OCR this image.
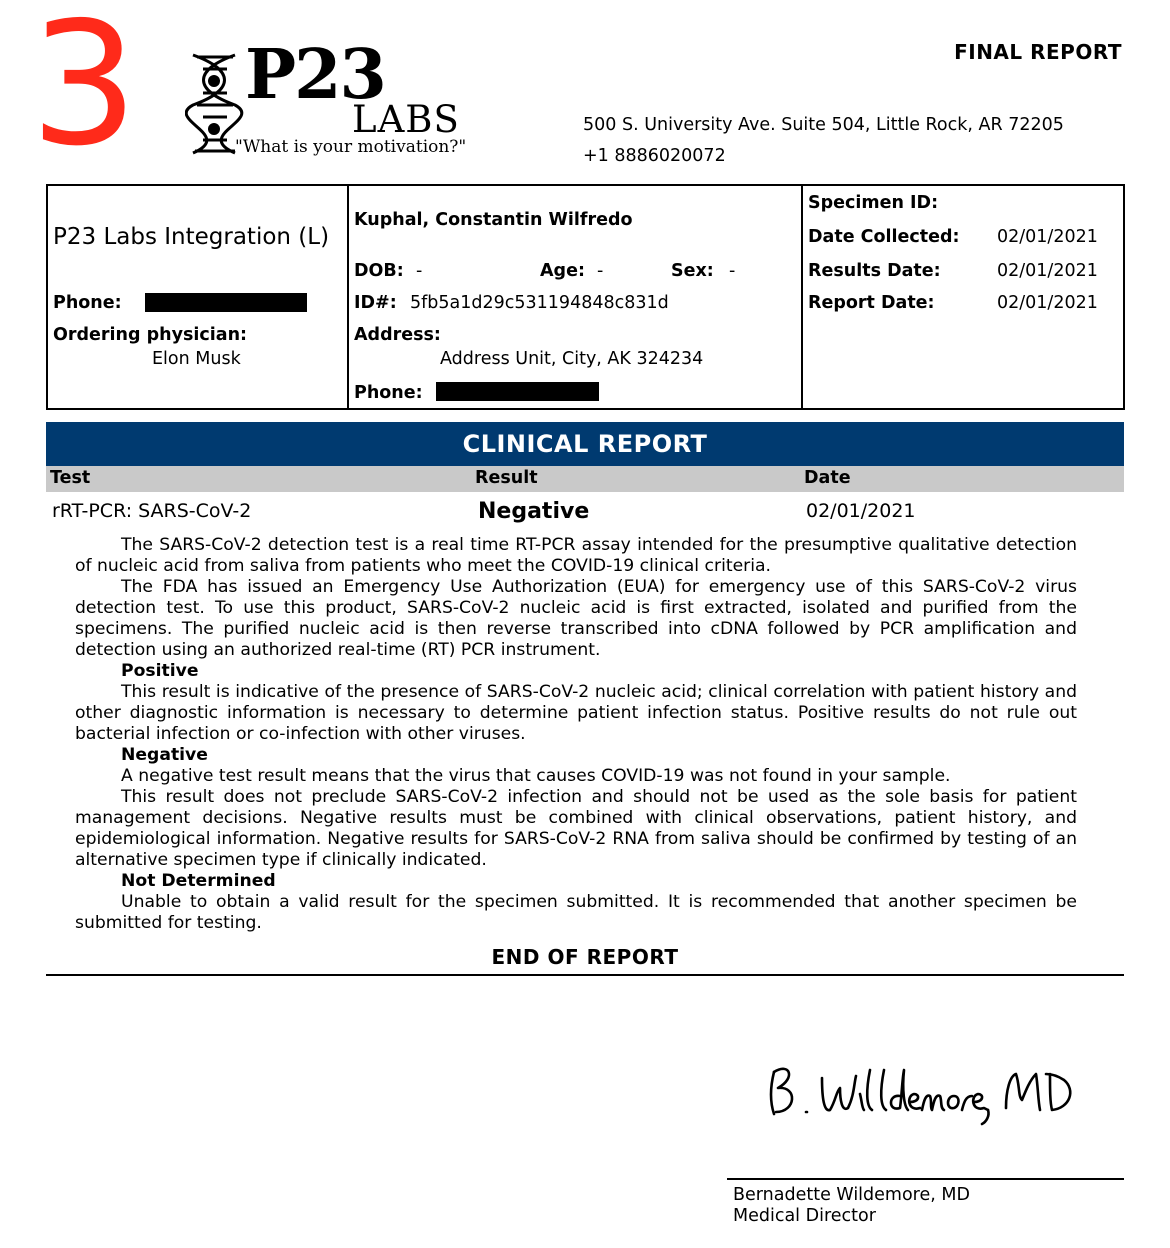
3 P23
LABS
"What is your motivation?"
FINAL REPORT
500 S. University Ave. Suite 504, Little Rock, AR 72205
+1 8886020072
P23 Labs Integration (L)
Phone:
Ordering physician:
Elon Musk
Kuphal, Constantin Wilfredo
DOB: -	Age: -	Sex: -
ID#: 5fb5a1d29c531194848c831d
Address:
Address Unit, City, AK 324234
Phone:
Specimen ID:
Date Collected: 02/01/2021
Results Date:	02/01/2021
Report Date:	02/01/2021
CLINICAL REPORT
Test	Result	Date
rRT-PCR: SARS-CoV-2	Negative	02/01/2021

The SARS-CoV-2 detection test is a real time RT-PCR assay intended for the presumptive qualitative detection of nucleic acid from saliva from patients who meet the COVID-19 clinical criteria.

The FDA has issued an Emergency Use Authorization (EUA) for emergency use of this SARS-CoV-2 virus detection test. To use this product, SARS-CoV-2 nucleic acid is first extracted, isolated and purified from the specimens. The purified nucleic acid is then reverse transcribed into cDNA followed by PCR amplification and detection using an authorized real-time (RT) PCR instrument.

Positive

This result is indicative of the presence of SARS-CoV-2 nucleic acid; clinical correlation with patient history and other diagnostic information is necessary to determine patient infection status. Positive results do not rule out bacterial infection or co-infection with other viruses.

Negative

A negative test result means that the virus that causes COVID-19 was not found in your sample.

This result does not preclude SARS-CoV-2 infection and should not be used as the sole basis for patient management decisions. Negative results must be combined with clinical observations, patient history, and epidemiological information. Negative results for SARS-CoV-2 RNA from saliva should be confirmed by testing of an alternative specimen type if clinically indicated.

Not Determined

Unable to obtain a valid result for the specimen submitted. It is recommended that another specimen be submitted for testing.

END OF REPORT
Bernadette Wildemore, MD
Medical Director
